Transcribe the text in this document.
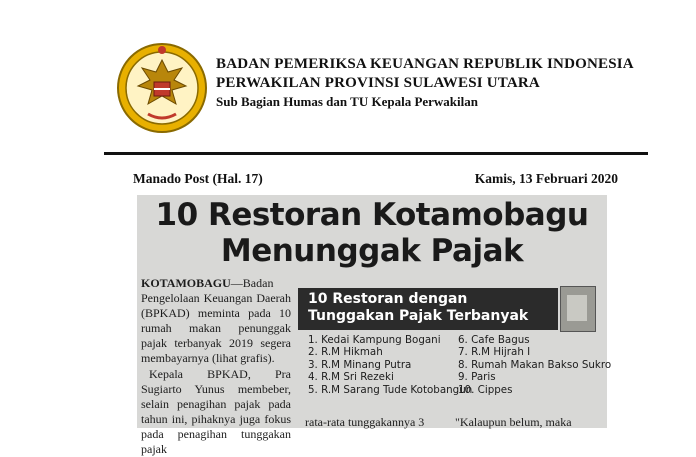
BADAN PEMERIKSA KEUANGAN REPUBLIK INDONESIA
PERWAKILAN PROVINSI SULAWESI UTARA
Sub Bagian Humas dan TU Kepala Perwakilan
Manado Post (Hal. 17)	Kamis, 13 Februari 2020
10 Restoran Kotamobagu
Menunggak Pajak

KOTAMOBAGU—Badan Pengelolaan Keuangan Daerah (BPKAD) meminta pada 10 rumah makan penunggak pajak terbanyak 2019 segera membayarnya (lihat grafis).

Kepala BPKAD, Pra Sugiarto Yunus membeber, selain penagihan pajak pada tahun ini, pihaknya juga fokus pada penagihan tunggakan pajak

10 Restoran dengan
Tunggakan Pajak Terbanyak
1. Kedai Kampung Bogani
2. R.M Hikmah
3. R.M Minang Putra
4. R.M Sri Rezeki
5. R.M Sarang Tude Kotobangun
6. Cafe Bagus
7. R.M Hijrah I
8. Rumah Makan Bakso Sukro
9. Paris
10. Cippes
rata-rata tunggakannya 3	"Kalaupun belum, maka
